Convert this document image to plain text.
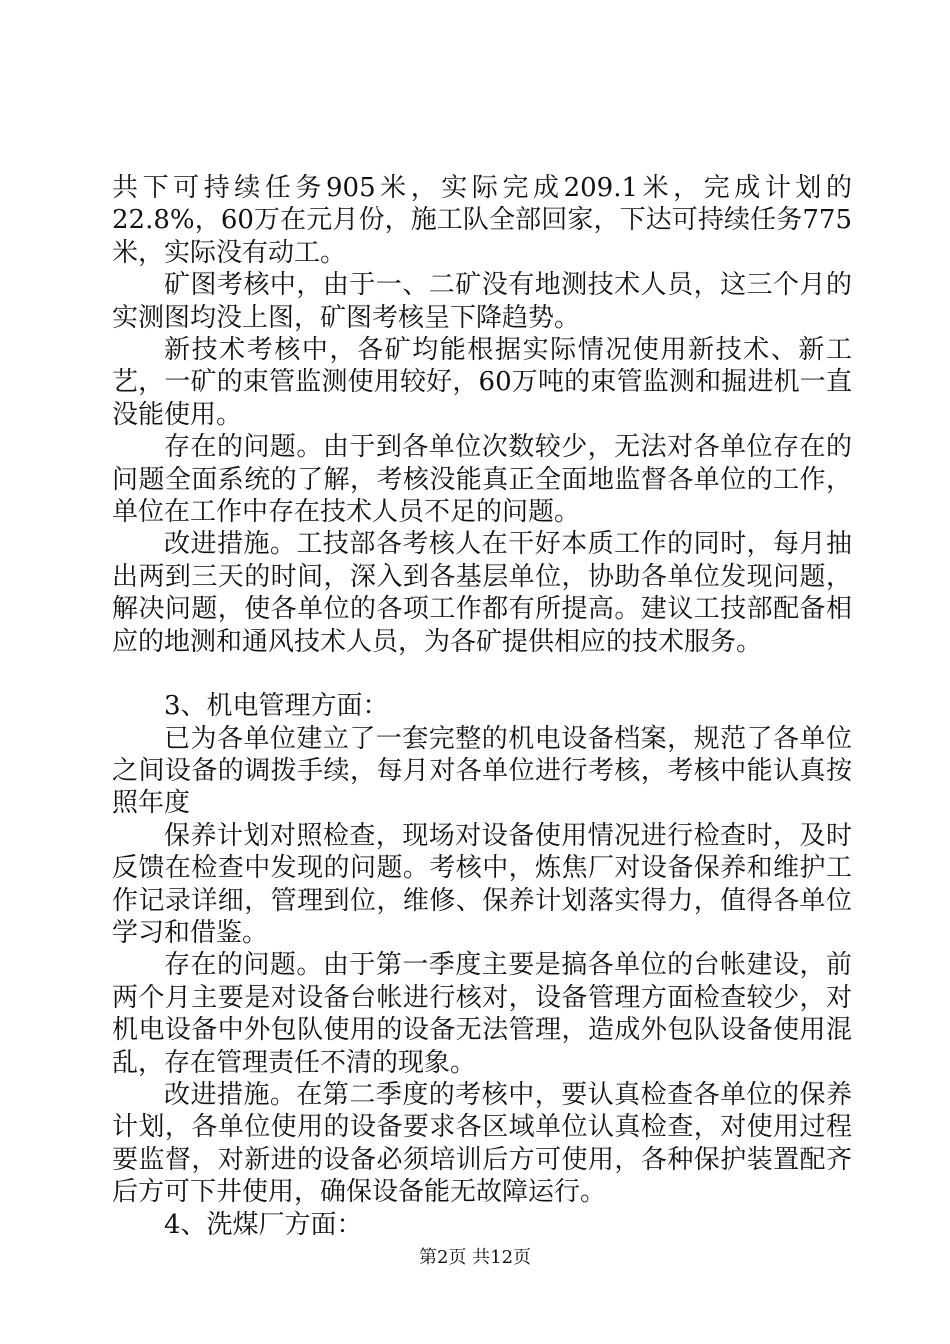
共下可持续任务905米，实际完成209.1米，完成计划的22.8%，60万在元月份，施工队全部回家，下达可持续任务775米，实际没有动工。

矿图考核中，由于一、二矿没有地测技术人员，这三个月的实测图均没上图，矿图考核呈下降趋势。

新技术考核中，各矿均能根据实际情况使用新技术、新工艺，一矿的束管监测使用较好，60万吨的束管监测和掘进机一直没能使用。

存在的问题。由于到各单位次数较少，无法对各单位存在的问题全面系统的了解，考核没能真正全面地监督各单位的工作，单位在工作中存在技术人员不足的问题。

改进措施。工技部各考核人在干好本质工作的同时，每月抽出两到三天的时间，深入到各基层单位，协助各单位发现问题，解决问题，使各单位的各项工作都有所提高。建议工技部配备相应的地测和通风技术人员，为各矿提供相应的技术服务。

3、机电管理方面：

已为各单位建立了一套完整的机电设备档案，规范了各单位之间设备的调拨手续，每月对各单位进行考核，考核中能认真按照年度

保养计划对照检查，现场对设备使用情况进行检查时，及时反馈在检查中发现的问题。考核中，炼焦厂对设备保养和维护工作记录详细，管理到位，维修、保养计划落实得力，值得各单位学习和借鉴。

存在的问题。由于第一季度主要是搞各单位的台帐建设，前两个月主要是对设备台帐进行核对，设备管理方面检查较少，对机电设备中外包队使用的设备无法管理，造成外包队设备使用混乱，存在管理责任不清的现象。

改进措施。在第二季度的考核中，要认真检查各单位的保养计划，各单位使用的设备要求各区域单位认真检查，对使用过程要监督，对新进的设备必须培训后方可使用，各种保护装置配齐后方可下井使用，确保设备能无故障运行。

4、洗煤厂方面：

第2页 共12页
